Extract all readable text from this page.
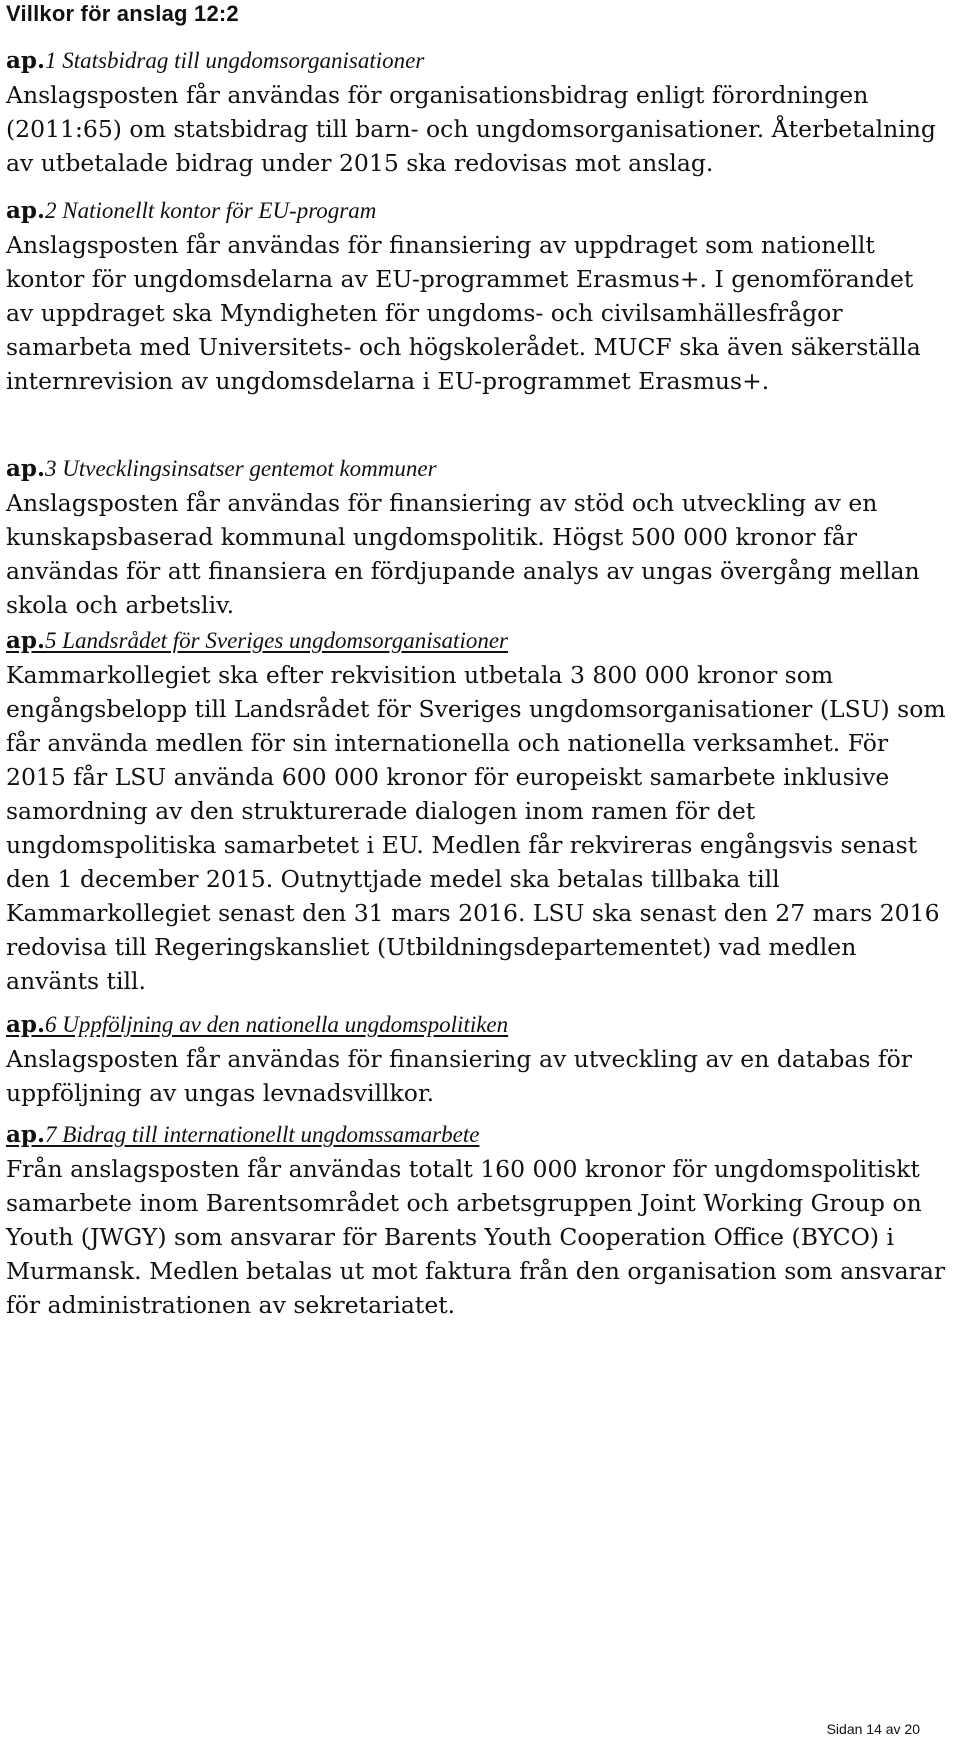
Villkor för anslag 12:2
ap.1 Statsbidrag till ungdomsorganisationer
Anslagsposten får användas för organisationsbidrag enligt förordningen (2011:65) om statsbidrag till barn- och ungdomsorganisationer. Återbetalning av utbetalade bidrag under 2015 ska redovisas mot anslag.
ap.2 Nationellt kontor för EU-program
Anslagsposten får användas för finansiering av uppdraget som nationellt kontor för ungdomsdelarna av EU-programmet Erasmus+. I genomförandet av uppdraget ska Myndigheten för ungdoms- och civilsamhällesfrågor samarbeta med Universitets- och högskolerådet. MUCF ska även säkerställa internrevision av ungdomsdelarna i EU-programmet Erasmus+.
ap.3 Utvecklingsinsatser gentemot kommuner
Anslagsposten får användas för finansiering av stöd och utveckling av en kunskapsbaserad kommunal ungdomspolitik. Högst 500 000 kronor får användas för att finansiera en fördjupande analys av ungas övergång mellan skola och arbetsliv.
ap.5 Landsrådet för Sveriges ungdomsorganisationer
Kammarkollegiet ska efter rekvisition utbetala 3 800 000 kronor som engångsbelopp till Landsrådet för Sveriges ungdomsorganisationer (LSU) som får använda medlen för sin internationella och nationella verksamhet. För 2015 får LSU använda 600 000 kronor för europeiskt samarbete inklusive samordning av den strukturerade dialogen inom ramen för det ungdomspolitiska samarbetet i EU. Medlen får rekvireras engångsvis senast den 1 december 2015. Outnyttjade medel ska betalas tillbaka till Kammarkollegiet senast den 31 mars 2016. LSU ska senast den 27 mars 2016 redovisa till Regeringskansliet (Utbildningsdepartementet) vad medlen använts till.
ap.6 Uppföljning av den nationella ungdomspolitiken
Anslagsposten får användas för finansiering av utveckling av en databas för uppföljning av ungas levnadsvillkor.
ap.7 Bidrag till internationellt ungdomssamarbete
Från anslagsposten får användas totalt 160 000 kronor för ungdomspolitiskt samarbete inom Barentsområdet och arbetsgruppen Joint Working Group on Youth (JWGY) som ansvarar för Barents Youth Cooperation Office (BYCO) i Murmansk. Medlen betalas ut mot faktura från den organisation som ansvarar för administrationen av sekretariatet.
Sidan 14 av 20
